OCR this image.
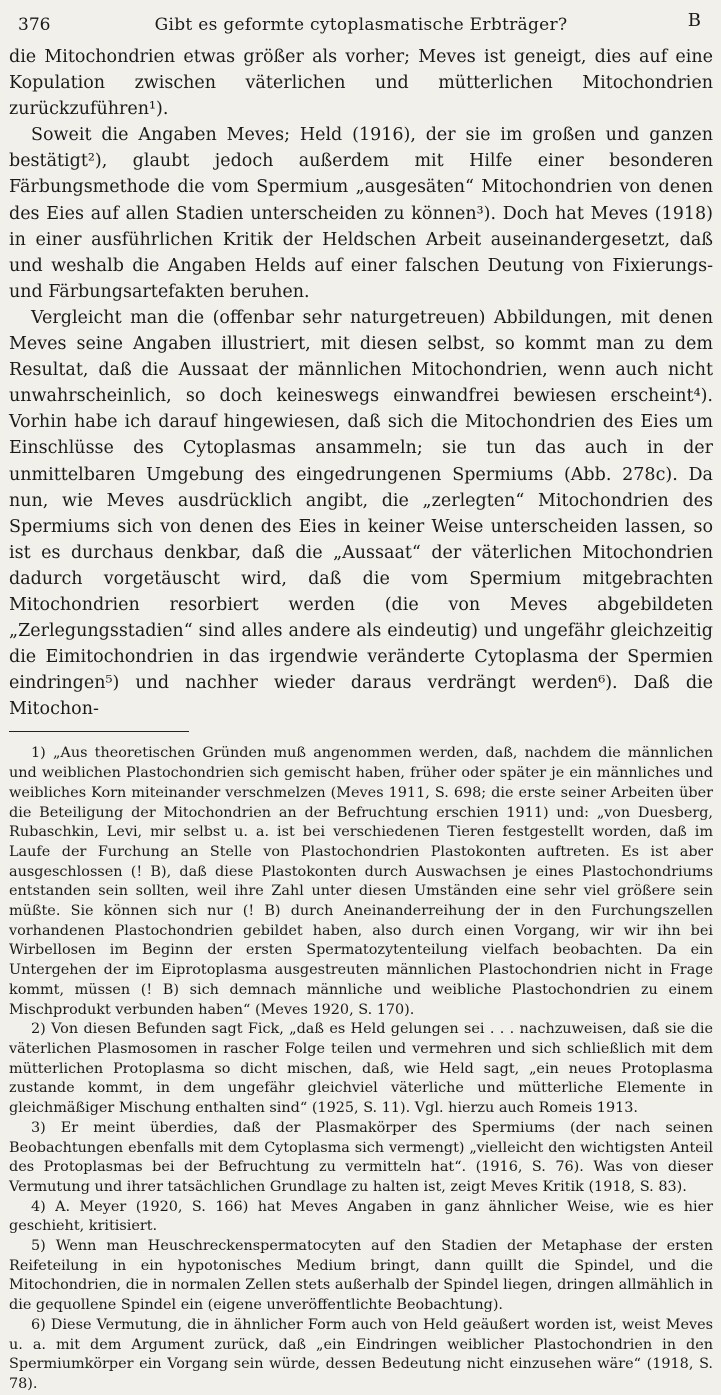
376	Gibt es geformte cytoplasmatische Erbträger?	B

die Mitochondrien etwas größer als vorher; Meves ist geneigt, dies auf eine Kopulation zwischen väterlichen und mütterlichen Mitochondrien zurückzuführen¹).

Soweit die Angaben Meves; Held (1916), der sie im großen und ganzen bestätigt²), glaubt jedoch außerdem mit Hilfe einer besonderen Färbungsmethode die vom Spermium „ausgesäten“ Mitochondrien von denen des Eies auf allen Stadien unterscheiden zu können³). Doch hat Meves (1918) in einer ausführlichen Kritik der Heldschen Arbeit auseinandergesetzt, daß und weshalb die Angaben Helds auf einer falschen Deutung von Fixierungs- und Färbungsartefakten beruhen.

Vergleicht man die (offenbar sehr naturgetreuen) Abbildungen, mit denen Meves seine Angaben illustriert, mit diesen selbst, so kommt man zu dem Resultat, daß die Aussaat der männlichen Mitochondrien, wenn auch nicht unwahrscheinlich, so doch keineswegs einwandfrei bewiesen erscheint⁴). Vorhin habe ich darauf hingewiesen, daß sich die Mitochondrien des Eies um Einschlüsse des Cytoplasmas ansammeln; sie tun das auch in der unmittelbaren Umgebung des eingedrungenen Spermiums (Abb. 278c). Da nun, wie Meves ausdrücklich angibt, die „zerlegten“ Mitochondrien des Spermiums sich von denen des Eies in keiner Weise unterscheiden lassen, so ist es durchaus denkbar, daß die „Aussaat“ der väterlichen Mitochondrien dadurch vorgetäuscht wird, daß die vom Spermium mitgebrachten Mitochondrien resorbiert werden (die von Meves abgebildeten „Zerlegungsstadien“ sind alles andere als eindeutig) und ungefähr gleichzeitig die Eimitochondrien in das irgendwie veränderte Cytoplasma der Spermien eindringen⁵) und nachher wieder daraus verdrängt werden⁶). Daß die Mitochon-

1) „Aus theoretischen Gründen muß angenommen werden, daß, nachdem die männlichen und weiblichen Plastochondrien sich gemischt haben, früher oder später je ein männliches und weibliches Korn miteinander verschmelzen (Meves 1911, S. 698; die erste seiner Arbeiten über die Beteiligung der Mitochondrien an der Befruchtung erschien 1911) und: „von Duesberg, Rubaschkin, Levi, mir selbst u. a. ist bei verschiedenen Tieren festgestellt worden, daß im Laufe der Furchung an Stelle von Plastochondrien Plastokonten auftreten. Es ist aber ausgeschlossen (! B), daß diese Plastokonten durch Auswachsen je eines Plastochondriums entstanden sein sollten, weil ihre Zahl unter diesen Umständen eine sehr viel größere sein müßte. Sie können sich nur (! B) durch Aneinanderreihung der in den Furchungszellen vorhandenen Plastochondrien gebildet haben, also durch einen Vorgang, wir wir ihn bei Wirbellosen im Beginn der ersten Spermatozytenteilung vielfach beobachten. Da ein Untergehen der im Eiprotoplasma ausgestreuten männlichen Plastochondrien nicht in Frage kommt, müssen (! B) sich demnach männliche und weibliche Plastochondrien zu einem Mischprodukt verbunden haben“ (Meves 1920, S. 170).

2) Von diesen Befunden sagt Fick, „daß es Held gelungen sei . . . nachzuweisen, daß sie die väterlichen Plasmosomen in rascher Folge teilen und vermehren und sich schließlich mit dem mütterlichen Protoplasma so dicht mischen, daß, wie Held sagt, „ein neues Protoplasma zustande kommt, in dem ungefähr gleichviel väterliche und mütterliche Elemente in gleichmäßiger Mischung enthalten sind“ (1925, S. 11). Vgl. hierzu auch Romeis 1913.

3) Er meint überdies, daß der Plasmakörper des Spermiums (der nach seinen Beobachtungen ebenfalls mit dem Cytoplasma sich vermengt) „vielleicht den wichtigsten Anteil des Protoplasmas bei der Befruchtung zu vermitteln hat“. (1916, S. 76). Was von dieser Vermutung und ihrer tatsächlichen Grundlage zu halten ist, zeigt Meves Kritik (1918, S. 83).

4) A. Meyer (1920, S. 166) hat Meves Angaben in ganz ähnlicher Weise, wie es hier geschieht, kritisiert.

5) Wenn man Heuschreckenspermatocyten auf den Stadien der Metaphase der ersten Reifeteilung in ein hypotonisches Medium bringt, dann quillt die Spindel, und die Mitochondrien, die in normalen Zellen stets außerhalb der Spindel liegen, dringen allmählich in die gequollene Spindel ein (eigene unveröffentlichte Beobachtung).

6) Diese Vermutung, die in ähnlicher Form auch von Held geäußert worden ist, weist Meves u. a. mit dem Argument zurück, daß „ein Eindringen weiblicher Plastochondrien in den Spermiumkörper ein Vorgang sein würde, dessen Bedeutung nicht einzusehen wäre“ (1918, S. 78).
